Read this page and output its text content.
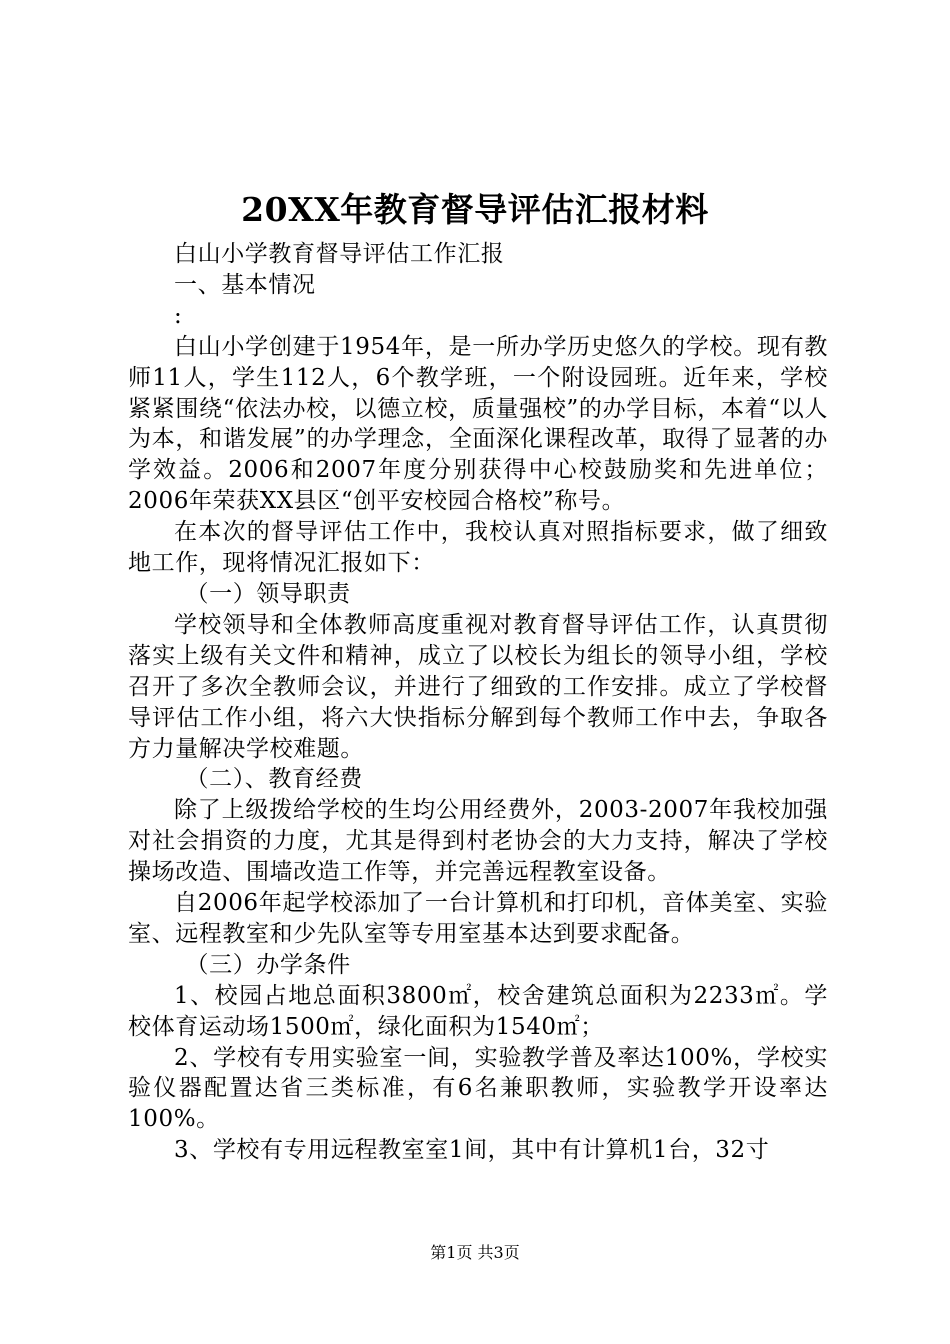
20XX年教育督导评估汇报材料

白山小学教育督导评估工作汇报

一、基本情况

:

白山小学创建于1954年，是一所办学历史悠久的学校。现有教师11人，学生112人，6个教学班，一个附设园班。近年来，学校紧紧围绕“依法办校，以德立校，质量强校”的办学目标，本着“以人为本，和谐发展”的办学理念，全面深化课程改革，取得了显著的办学效益。2006和2007年度分别获得中心校鼓励奖和先进单位；2006年荣获XX县区“创平安校园合格校”称号。

在本次的督导评估工作中，我校认真对照指标要求，做了细致地工作，现将情况汇报如下：

（一）领导职责

学校领导和全体教师高度重视对教育督导评估工作，认真贯彻落实上级有关文件和精神，成立了以校长为组长的领导小组，学校召开了多次全教师会议，并进行了细致的工作安排。成立了学校督导评估工作小组，将六大快指标分解到每个教师工作中去，争取各方力量解决学校难题。

（二）、教育经费

除了上级拨给学校的生均公用经费外，2003-2007年我校加强对社会捐资的力度，尤其是得到村老协会的大力支持，解决了学校操场改造、围墙改造工作等，并完善远程教室设备。

自2006年起学校添加了一台计算机和打印机，音体美室、实验室、远程教室和少先队室等专用室基本达到要求配备。

（三）办学条件

1、校园占地总面积3800㎡，校舍建筑总面积为2233㎡。学校体育运动场1500㎡，绿化面积为1540㎡；

2、学校有专用实验室一间，实验教学普及率达100%，学校实验仪器配置达省三类标准，有6名兼职教师，实验教学开设率达100%。

3、学校有专用远程教室室1间，其中有计算机1台，32寸

第1页 共3页
